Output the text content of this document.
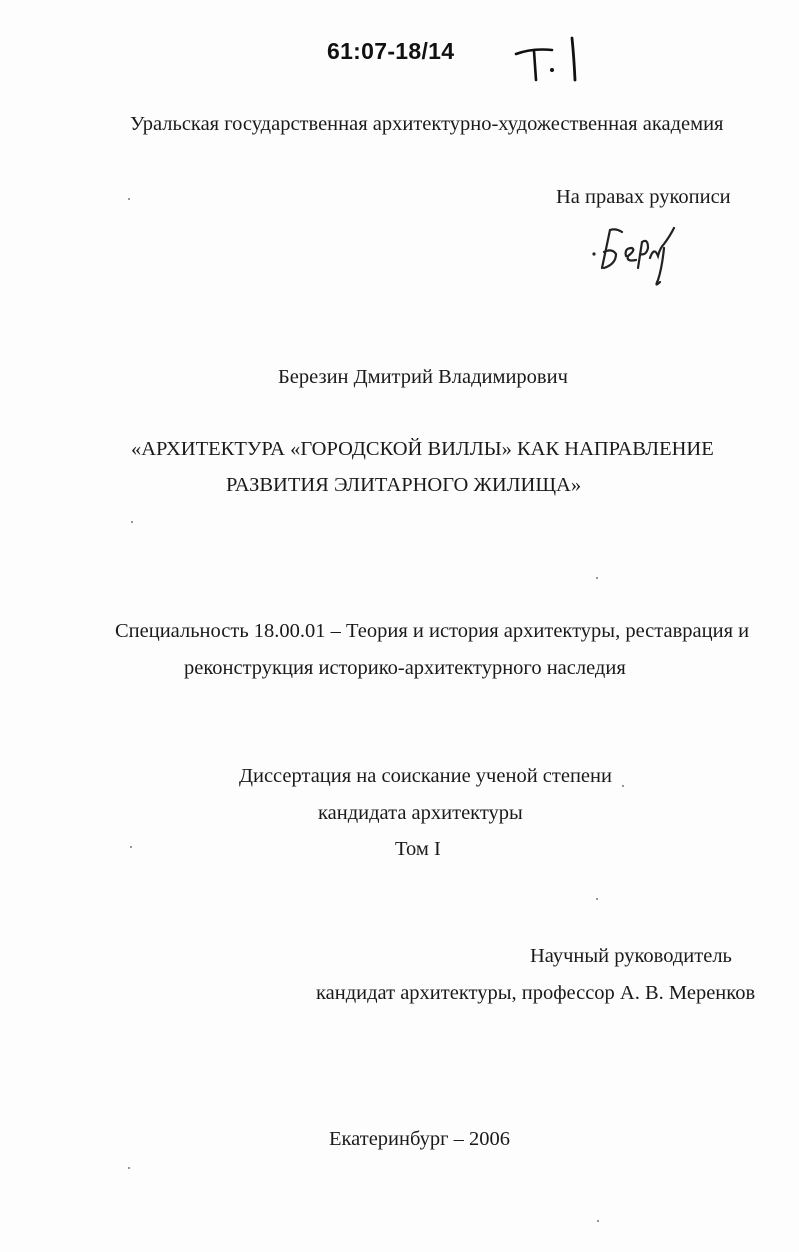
61:07-18/14
Уральская государственная архитектурно-художественная академия
На правах рукописи
Березин Дмитрий Владимирович
«АРХИТЕКТУРА «ГОРОДСКОЙ ВИЛЛЫ» КАК НАПРАВЛЕНИЕ
РАЗВИТИЯ ЭЛИТАРНОГО ЖИЛИЩА»
Специальность 18.00.01 – Теория и история архитектуры, реставрация и
реконструкция историко-архитектурного наследия
Диссертация на соискание ученой степени
кандидата архитектуры
Том I
Научный руководитель
кандидат архитектуры, профессор А. В. Меренков
Екатеринбург – 2006
